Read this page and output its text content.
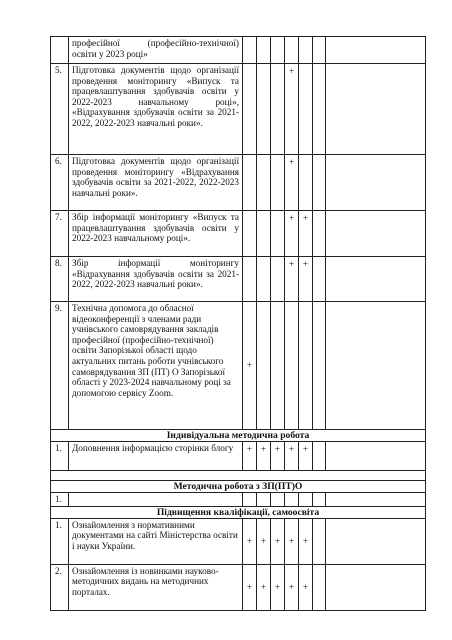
	професійної (професійно-технічної) освіти у 2023 році»							
5.	Підготовка документів щодо організації проведення моніторингу «Випуск та працевлаштування здобувачів освіти у 2022-2023 навчальному році», «Відрахування здобувачів освіти за 2021-2022, 2022-2023 навчальні роки».				+			
6.	Підготовка документів щодо організації проведення моніторингу «Відрахування здобувачів освіти за 2021-2022, 2022-2023 навчальні роки».				+			
7.	Збір інформації моніторингу «Випуск та працевлаштування здобувачів освіти у 2022-2023 навчальному році».				+	+		
8.	Збір інформації моніторингу «Відрахування здобувачів освіти за 2021-2022, 2022-2023 навчальні роки».				+	+		
9.	Технічна допомога до обласної відеоконференції з членами ради учнівського самоврядування закладів професійної (професійно-технічної) освіти Запорізької області щодо актуальних питань роботи учнівського самоврядування ЗП (ПТ) О Запорізької області у 2023-2024 навчальному році за допомогою сервісу Zoom.	+						
Індивідуальна методична робота								
1.	Доповнення інформацією сторінки блогу	+	+	+	+	+		

Методична робота з ЗП(ПТ)О								
1.								
Підвищення кваліфікації, самоосвіта								
1.	Ознайомлення з нормативними документами на сайті Міністерства освіти і науки України.	+	+	+	+	+		
2.	Ознайомлення із новинками науково-методичних видань на методичних порталах.	+	+	+	+	+		
